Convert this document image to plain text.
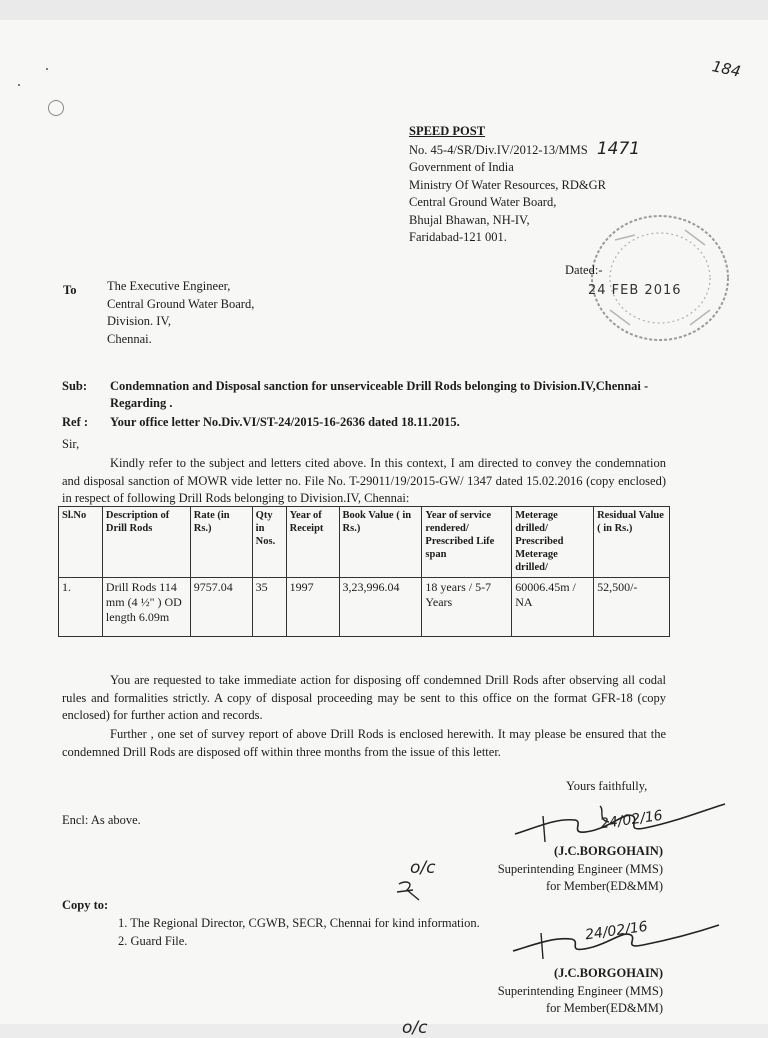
184
SPEED POST
No. 45-4/SR/Div.IV/2012-13/MMS 1471
Government of India
Ministry Of Water Resources, RD&GR
Central Ground Water Board,
Bhujal Bhawan, NH-IV,
Faridabad-121 001.
Dated:-
24 FEB 2016
To The Executive Engineer,
Central Ground Water Board,
Division. IV,
Chennai.
Sub: Condemnation and Disposal sanction for unserviceable Drill Rods belonging to Division.IV,Chennai - Regarding .
Ref : Your office letter No.Div.VI/ST-24/2015-16-2636 dated 18.11.2015.
Sir,
Kindly refer to the subject and letters cited above. In this context, I am directed to convey the condemnation and disposal sanction of MOWR vide letter no. File No. T-29011/19/2015-GW/ 1347 dated 15.02.2016 (copy enclosed) in respect of following Drill Rods belonging to Division.IV, Chennai:
Sl.No	Description of Drill Rods	Rate (in Rs.)	Qty in Nos.	Year of Receipt	Book Value ( in Rs.)	Year of service rendered/ Prescribed Life span	Meterage drilled/ Prescribed Meterage drilled/	Residual Value ( in Rs.)
1.	Drill Rods 114 mm (4 ½" ) OD length 6.09m	9757.04	35	1997	3,23,996.04	18 years / 5-7 Years	60006.45m / NA	52,500/-
You are requested to take immediate action for disposing off condemned Drill Rods after observing all codal rules and formalities strictly. A copy of disposal proceeding may be sent to this office on the format GFR-18 (copy enclosed) for further action and records.
Further , one set of survey report of above Drill Rods is enclosed herewith. It may please be ensured that the condemned Drill Rods are disposed off within three months from the issue of this letter.
Yours faithfully,
Encl: As above.	24/02/16
(J.C.BORGOHAIN)
Superintending Engineer (MMS)
for Member(ED&MM)
o/c
Copy to:
1. The Regional Director, CGWB, SECR, Chennai for kind information.
2. Guard File.	24/02/16
(J.C.BORGOHAIN)
Superintending Engineer (MMS)
for Member(ED&MM)
o/c
